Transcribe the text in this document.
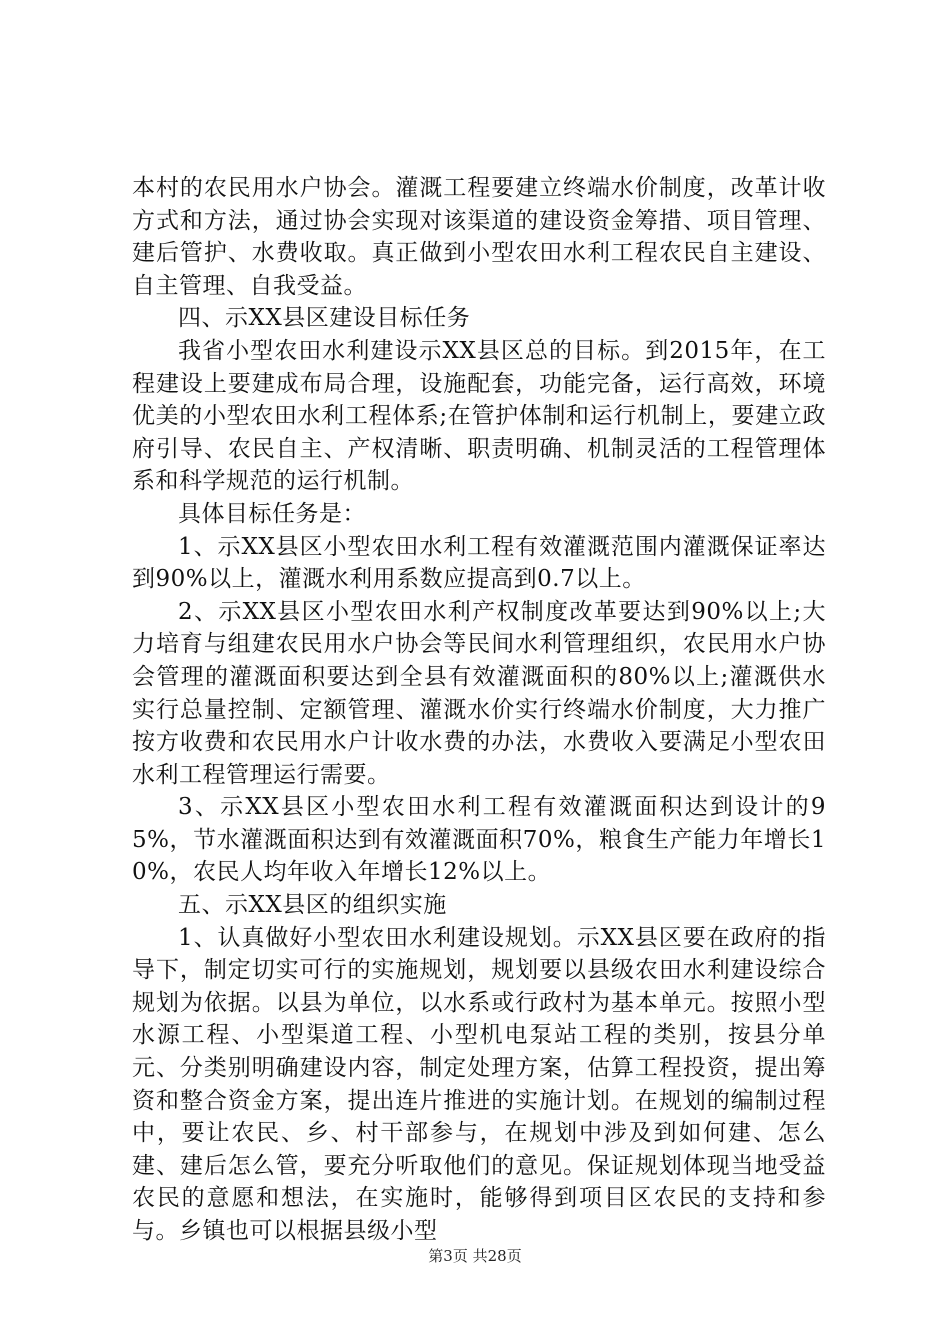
本村的农民用水户协会。灌溉工程要建立终端水价制度，改革计收方式和方法，通过协会实现对该渠道的建设资金筹措、项目管理、建后管护、水费收取。真正做到小型农田水利工程农民自主建设、自主管理、自我受益。

四、示XX县区建设目标任务

我省小型农田水利建设示XX县区总的目标。到2015年，在工程建设上要建成布局合理，设施配套，功能完备，运行高效，环境优美的小型农田水利工程体系;在管护体制和运行机制上，要建立政府引导、农民自主、产权清晰、职责明确、机制灵活的工程管理体系和科学规范的运行机制。

具体目标任务是：

1、示XX县区小型农田水利工程有效灌溉范围内灌溉保证率达到90%以上，灌溉水利用系数应提高到0.7以上。

2、示XX县区小型农田水利产权制度改革要达到90%以上;大力培育与组建农民用水户协会等民间水利管理组织，农民用水户协会管理的灌溉面积要达到全县有效灌溉面积的80%以上;灌溉供水实行总量控制、定额管理、灌溉水价实行终端水价制度，大力推广按方收费和农民用水户计收水费的办法，水费收入要满足小型农田水利工程管理运行需要。

3、示XX县区小型农田水利工程有效灌溉面积达到设计的95%，节水灌溉面积达到有效灌溉面积70%，粮食生产能力年增长10%，农民人均年收入年增长12%以上。

五、示XX县区的组织实施

1、认真做好小型农田水利建设规划。示XX县区要在政府的指导下，制定切实可行的实施规划，规划要以县级农田水利建设综合规划为依据。以县为单位，以水系或行政村为基本单元。按照小型水源工程、小型渠道工程、小型机电泵站工程的类别，按县分单元、分类别明确建设内容，制定处理方案，估算工程投资，提出筹资和整合资金方案，提出连片推进的实施计划。在规划的编制过程中，要让农民、乡、村干部参与，在规划中涉及到如何建、怎么建、建后怎么管，要充分听取他们的意见。保证规划体现当地受益农民的意愿和想法，在实施时，能够得到项目区农民的支持和参与。乡镇也可以根据县级小型

第3页 共28页
